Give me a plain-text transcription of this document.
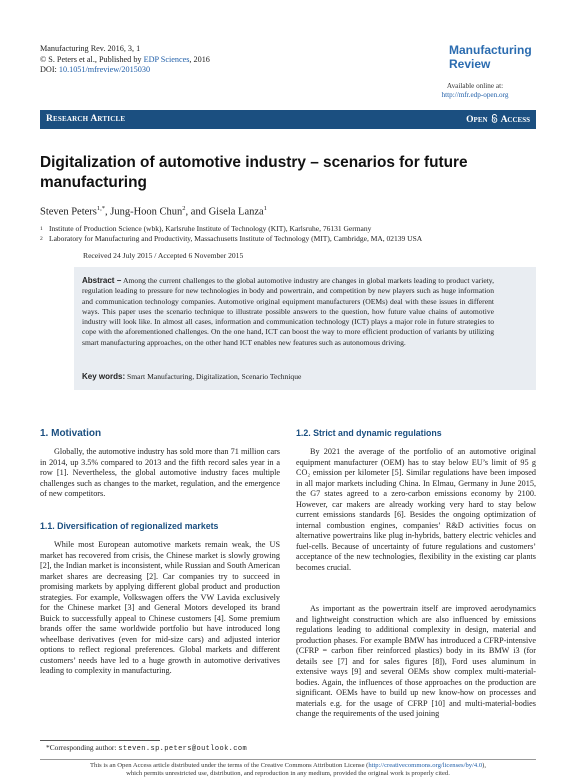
Manufacturing Rev. 2016, 3, 1
© S. Peters et al., Published by EDP Sciences, 2016
DOI: 10.1051/mfreview/2015030
Manufacturing
Review
Available online at:
http://mfr.edp-open.org
Research Article	Open Access
Digitalization of automotive industry – scenarios for future manufacturing
Steven Peters$^{1,*}$, Jung-Hoon Chun$^2$, and Gisela Lanza$^1$
1 Institute of Production Science (wbk), Karlsruhe Institute of Technology (KIT), Karlsruhe, 76131 Germany
2 Laboratory for Manufacturing and Productivity, Massachusetts Institute of Technology (MIT), Cambridge, MA, 02139 USA
Received 24 July 2015 / Accepted 6 November 2015
Abstract – Among the current challenges to the global automotive industry are changes in global markets leading to product variety, regulation leading to pressure for new technologies in body and powertrain, and competition by new players such as huge information and communication technology companies. Automotive original equipment manufacturers (OEMs) deal with these issues in different ways. This paper uses the scenario technique to illustrate possible answers to the question, how future value chains of automotive industry will look like. In almost all cases, information and communication technology (ICT) plays a major role in future strategies to cope with the aforementioned challenges. On the one hand, ICT can boost the way to more efficient production of variants by utilizing smart manufacturing approaches, on the other hand ICT enables new features such as autonomous driving.
Key words: Smart Manufacturing, Digitalization, Scenario Technique
1. Motivation

Globally, the automotive industry has sold more than 71 million cars in 2014, up 3.5% compared to 2013 and the fifth record sales year in a row [1]. Nevertheless, the global automotive industry faces multiple challenges such as changes to the market, regulation, and the emergence of new competitors.

1.1. Diversification of regionalized markets

While most European automotive markets remain weak, the US market has recovered from crisis, the Chinese market is slowly growing [2], the Indian market is inconsistent, while Russian and South American market shares are decreasing [2]. Car companies try to succeed in promising markets by applying different global product and production strategies. For example, Volkswagen offers the VW Lavida exclusively for the Chinese market [3] and General Motors developed its brand Buick to successfully appeal to Chinese customers [4]. Some premium brands offer the same worldwide portfolio but have introduced long wheelbase derivatives (even for mid-size cars) and adjusted interior options to reflect regional preferences. Global markets and different customers’ needs have led to a huge growth in automotive derivatives leading to complexity in manufacturing.

1.2. Strict and dynamic regulations

By 2021 the average of the portfolio of an automotive original equipment manufacturer (OEM) has to stay below EU’s limit of 95 g CO₂ emission per kilometer [5]. Similar regulations have been imposed in all major markets including China. In Elmau, Germany in June 2015, the G7 states agreed to a zero-carbon emissions economy by 2100. However, car makers are already working very hard to stay below current emissions standards [6]. Besides the ongoing optimization of internal combustion engines, companies’ R&D activities focus on alternative powertrains like plug in-hybrids, battery electric vehicles and fuel-cells. Because of uncertainty of future regulations and customers’ acceptance of the new technologies, flexibility in the existing car plants becomes crucial.

As important as the powertrain itself are improved aerodynamics and lightweight construction which are also influenced by emissions regulations leading to additional complexity in design, material and production phases. For example BMW has introduced a CFRP-intensive (CFRP = carbon fiber reinforced plastics) body in its BMW i3 (for details see [7] and for sales figures [8]), Ford uses aluminum in extensive ways [9] and several OEMs show complex multi-material-bodies. Again, the influences of those approaches on the production are significant. OEMs have to build up new know-how on processes and materials e.g. for the usage of CFRP [10] and multi-material-bodies change the requirements of the used joining

*Corresponding author: steven.sp.peters@outlook.com
This is an Open Access article distributed under the terms of the Creative Commons Attribution License (http://creativecommons.org/licenses/by/4.0),
which permits unrestricted use, distribution, and reproduction in any medium, provided the original work is properly cited.
